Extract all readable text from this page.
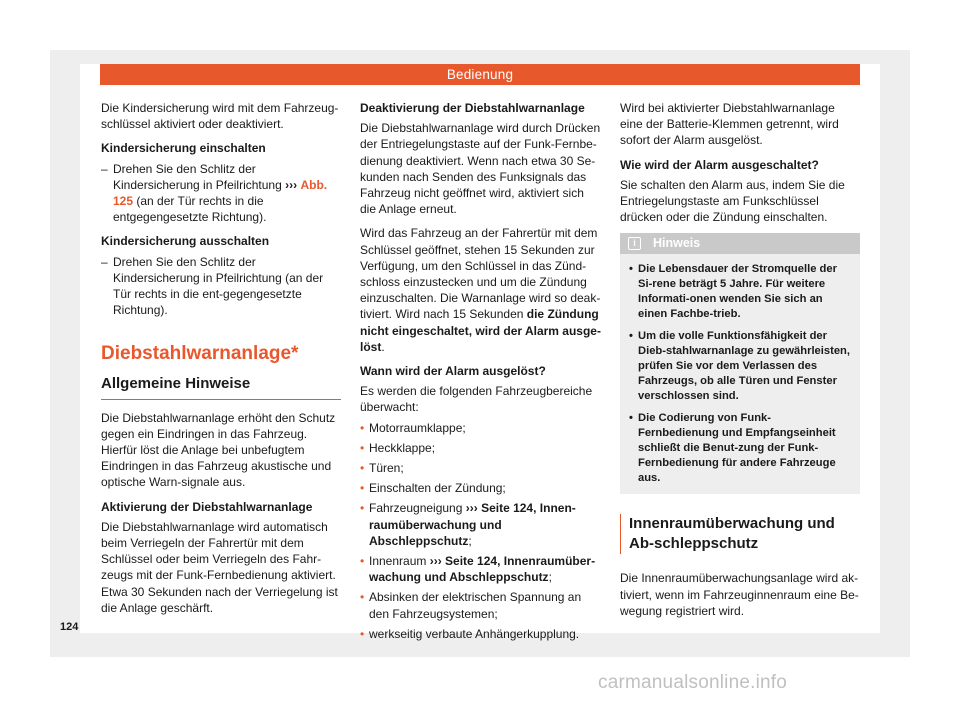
Bedienung

Die Kindersicherung wird mit dem Fahrzeug-schlüssel aktiviert oder deaktiviert.

Kindersicherung einschalten

– Drehen Sie den Schlitz der Kindersicherung in Pfeilrichtung ››› Abb. 125 (an der Tür rechts in die entgegengesetzte Richtung).

Kindersicherung ausschalten

– Drehen Sie den Schlitz der Kindersicherung in Pfeilrichtung (an der Tür rechts in die ent-gegengesetzte Richtung).
Diebstahlwarnanlage*
Allgemeine Hinweise

Die Diebstahlwarnanlage erhöht den Schutz gegen ein Eindringen in das Fahrzeug. Hierfür löst die Anlage bei unbefugtem Eindringen in das Fahrzeug akustische und optische Warn-signale aus.

Aktivierung der Diebstahlwarnanlage

Die Diebstahlwarnanlage wird automatisch beim Verriegeln der Fahrertür mit dem Schlüssel oder beim Verriegeln des Fahr-zeugs mit der Funk-Fernbedienung aktiviert. Etwa 30 Sekunden nach der Verriegelung ist die Anlage geschärft.

Deaktivierung der Diebstahlwarnanlage

Die Diebstahlwarnanlage wird durch Drücken der Entriegelungstaste auf der Funk-Fernbe-dienung deaktiviert. Wenn nach etwa 30 Se-kunden nach Senden des Funksignals das Fahrzeug nicht geöffnet wird, aktiviert sich die Anlage erneut.

Wird das Fahrzeug an der Fahrertür mit dem Schlüssel geöffnet, stehen 15 Sekunden zur Verfügung, um den Schlüssel in das Zünd-schloss einzustecken und um die Zündung einzuschalten. Die Warnanlage wird so deak-tiviert. Wird nach 15 Sekunden die Zündung nicht eingeschaltet, wird der Alarm ausge-löst.

Wann wird der Alarm ausgelöst?

Es werden die folgenden Fahrzeugbereiche überwacht:

• Motorraumklappe;
• Heckklappe;
• Türen;
• Einschalten der Zündung;
• Fahrzeugneigung ››› Seite 124, Innen-raumüberwachung und Abschleppschutz;
• Innenraum ››› Seite 124, Innenraumüber-wachung und Abschleppschutz;
• Absinken der elektrischen Spannung an den Fahrzeugsystemen;
• werkseitig verbaute Anhängerkupplung.

Wird bei aktivierter Diebstahlwarnanlage eine der Batterie-Klemmen getrennt, wird sofort der Alarm ausgelöst.

Wie wird der Alarm ausgeschaltet?

Sie schalten den Alarm aus, indem Sie die Entriegelungstaste am Funkschlüssel drücken oder die Zündung einschalten.

i	Hinweis
• Die Lebensdauer der Stromquelle der Si-rene beträgt 5 Jahre. Für weitere Informati-onen wenden Sie sich an einen Fachbe-trieb.
• Um die volle Funktionsfähigkeit der Dieb-stahlwarnanlage zu gewährleisten, prüfen Sie vor dem Verlassen des Fahrzeugs, ob alle Türen und Fenster verschlossen sind.
• Die Codierung von Funk-Fernbedienung und Empfangseinheit schließt die Benut-zung der Funk-Fernbedienung für andere Fahrzeuge aus.
Innenraumüberwachung und Ab-schleppschutz

Die Innenraumüberwachungsanlage wird ak-tiviert, wenn im Fahrzeuginnenraum eine Be-wegung registriert wird.

124
carmanualsonline.info
